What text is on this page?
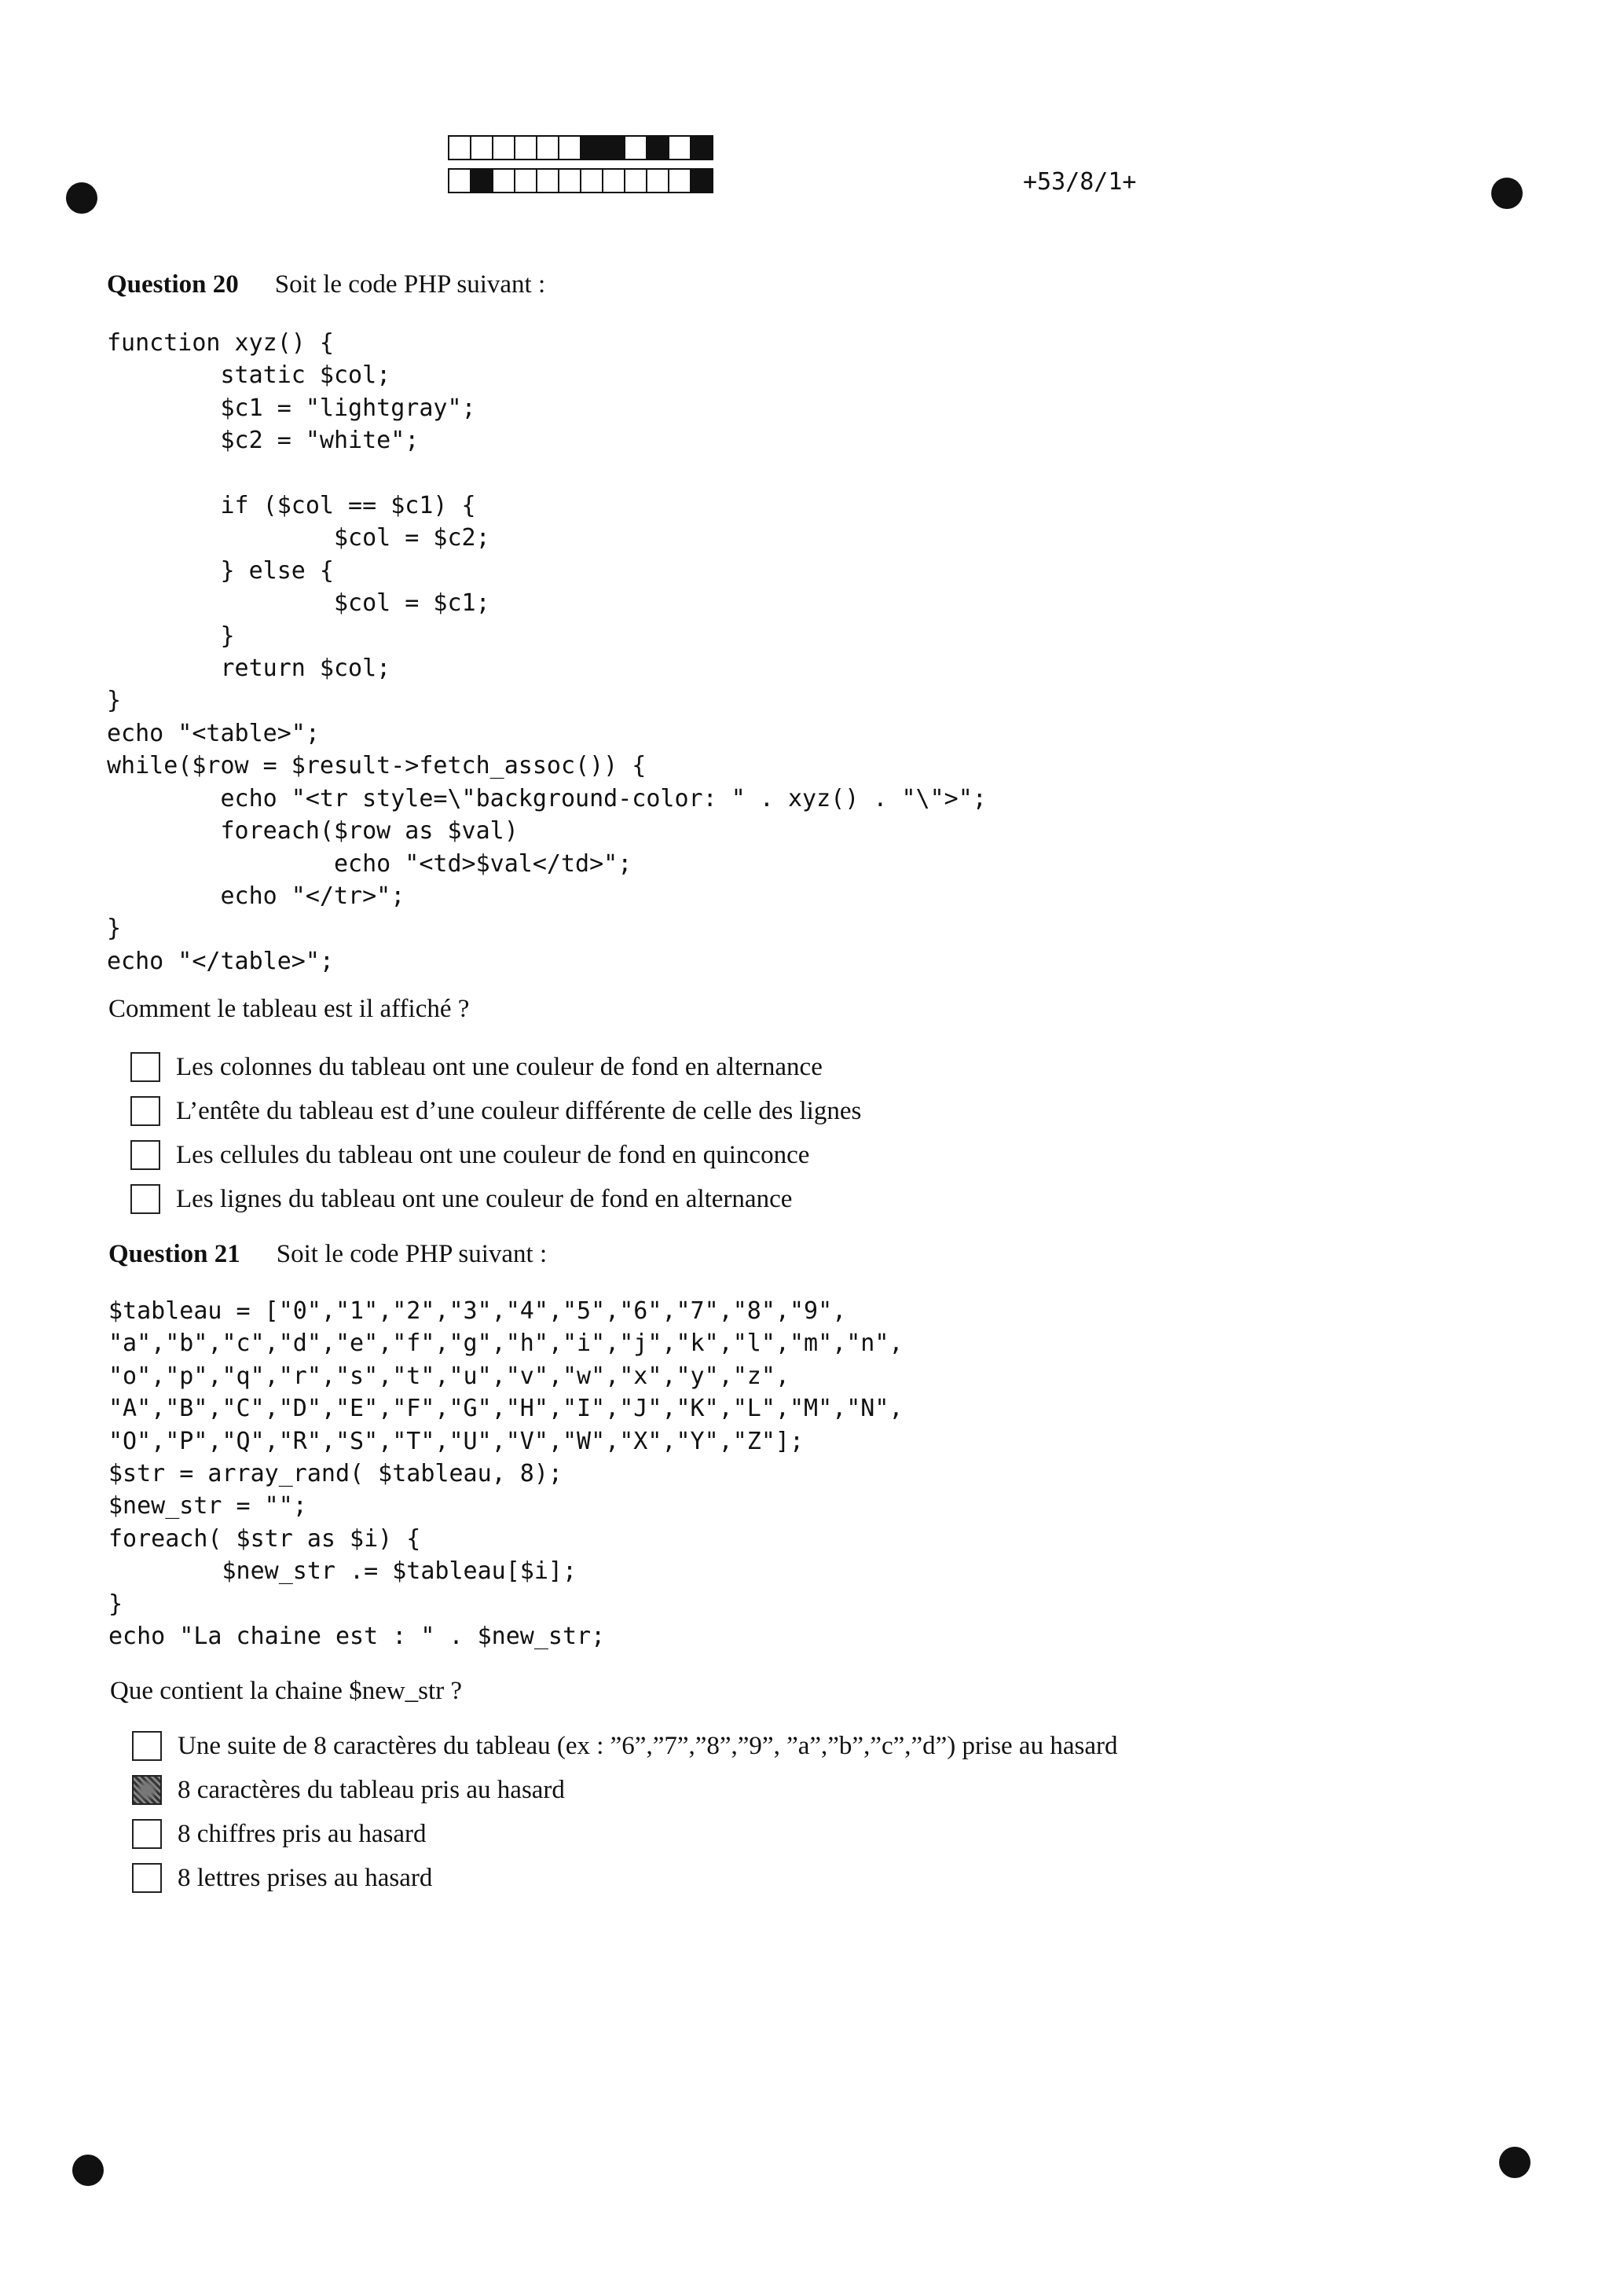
+53/8/1+
Question 20 Soit le code PHP suivant :
function xyz() {
static $col;
$c1 = "lightgray";
$c2 = "white";

if ($col == $c1) {
$col = $c2;
} else {
$col = $c1;
}
return $col;
}
echo "<table>";
while($row = $result->fetch_assoc()) {
echo "<tr style=\"background-color: " . xyz() . "\">";
foreach($row as $val)
echo "<td>$val</td>";
echo "</tr>";
}
echo "</table>";
Comment le tableau est il affiché ?
Les colonnes du tableau ont une couleur de fond en alternance
L’entête du tableau est d’une couleur différente de celle des lignes
Les cellules du tableau ont une couleur de fond en quinconce
Les lignes du tableau ont une couleur de fond en alternance
Question 21 Soit le code PHP suivant :
$tableau = ["0","1","2","3","4","5","6","7","8","9",
"a","b","c","d","e","f","g","h","i","j","k","l","m","n",
"o","p","q","r","s","t","u","v","w","x","y","z",
"A","B","C","D","E","F","G","H","I","J","K","L","M","N",
"O","P","Q","R","S","T","U","V","W","X","Y","Z"];
$str = array_rand( $tableau, 8);
$new_str = "";
foreach( $str as $i) {
$new_str .= $tableau[$i];
}
echo "La chaine est : " . $new_str;
Que contient la chaine $new_str ?
Une suite de 8 caractères du tableau (ex : ”6”,”7”,”8”,”9”, ”a”,”b”,”c”,”d”) prise au hasard
8 caractères du tableau pris au hasard
8 chiffres pris au hasard
8 lettres prises au hasard
